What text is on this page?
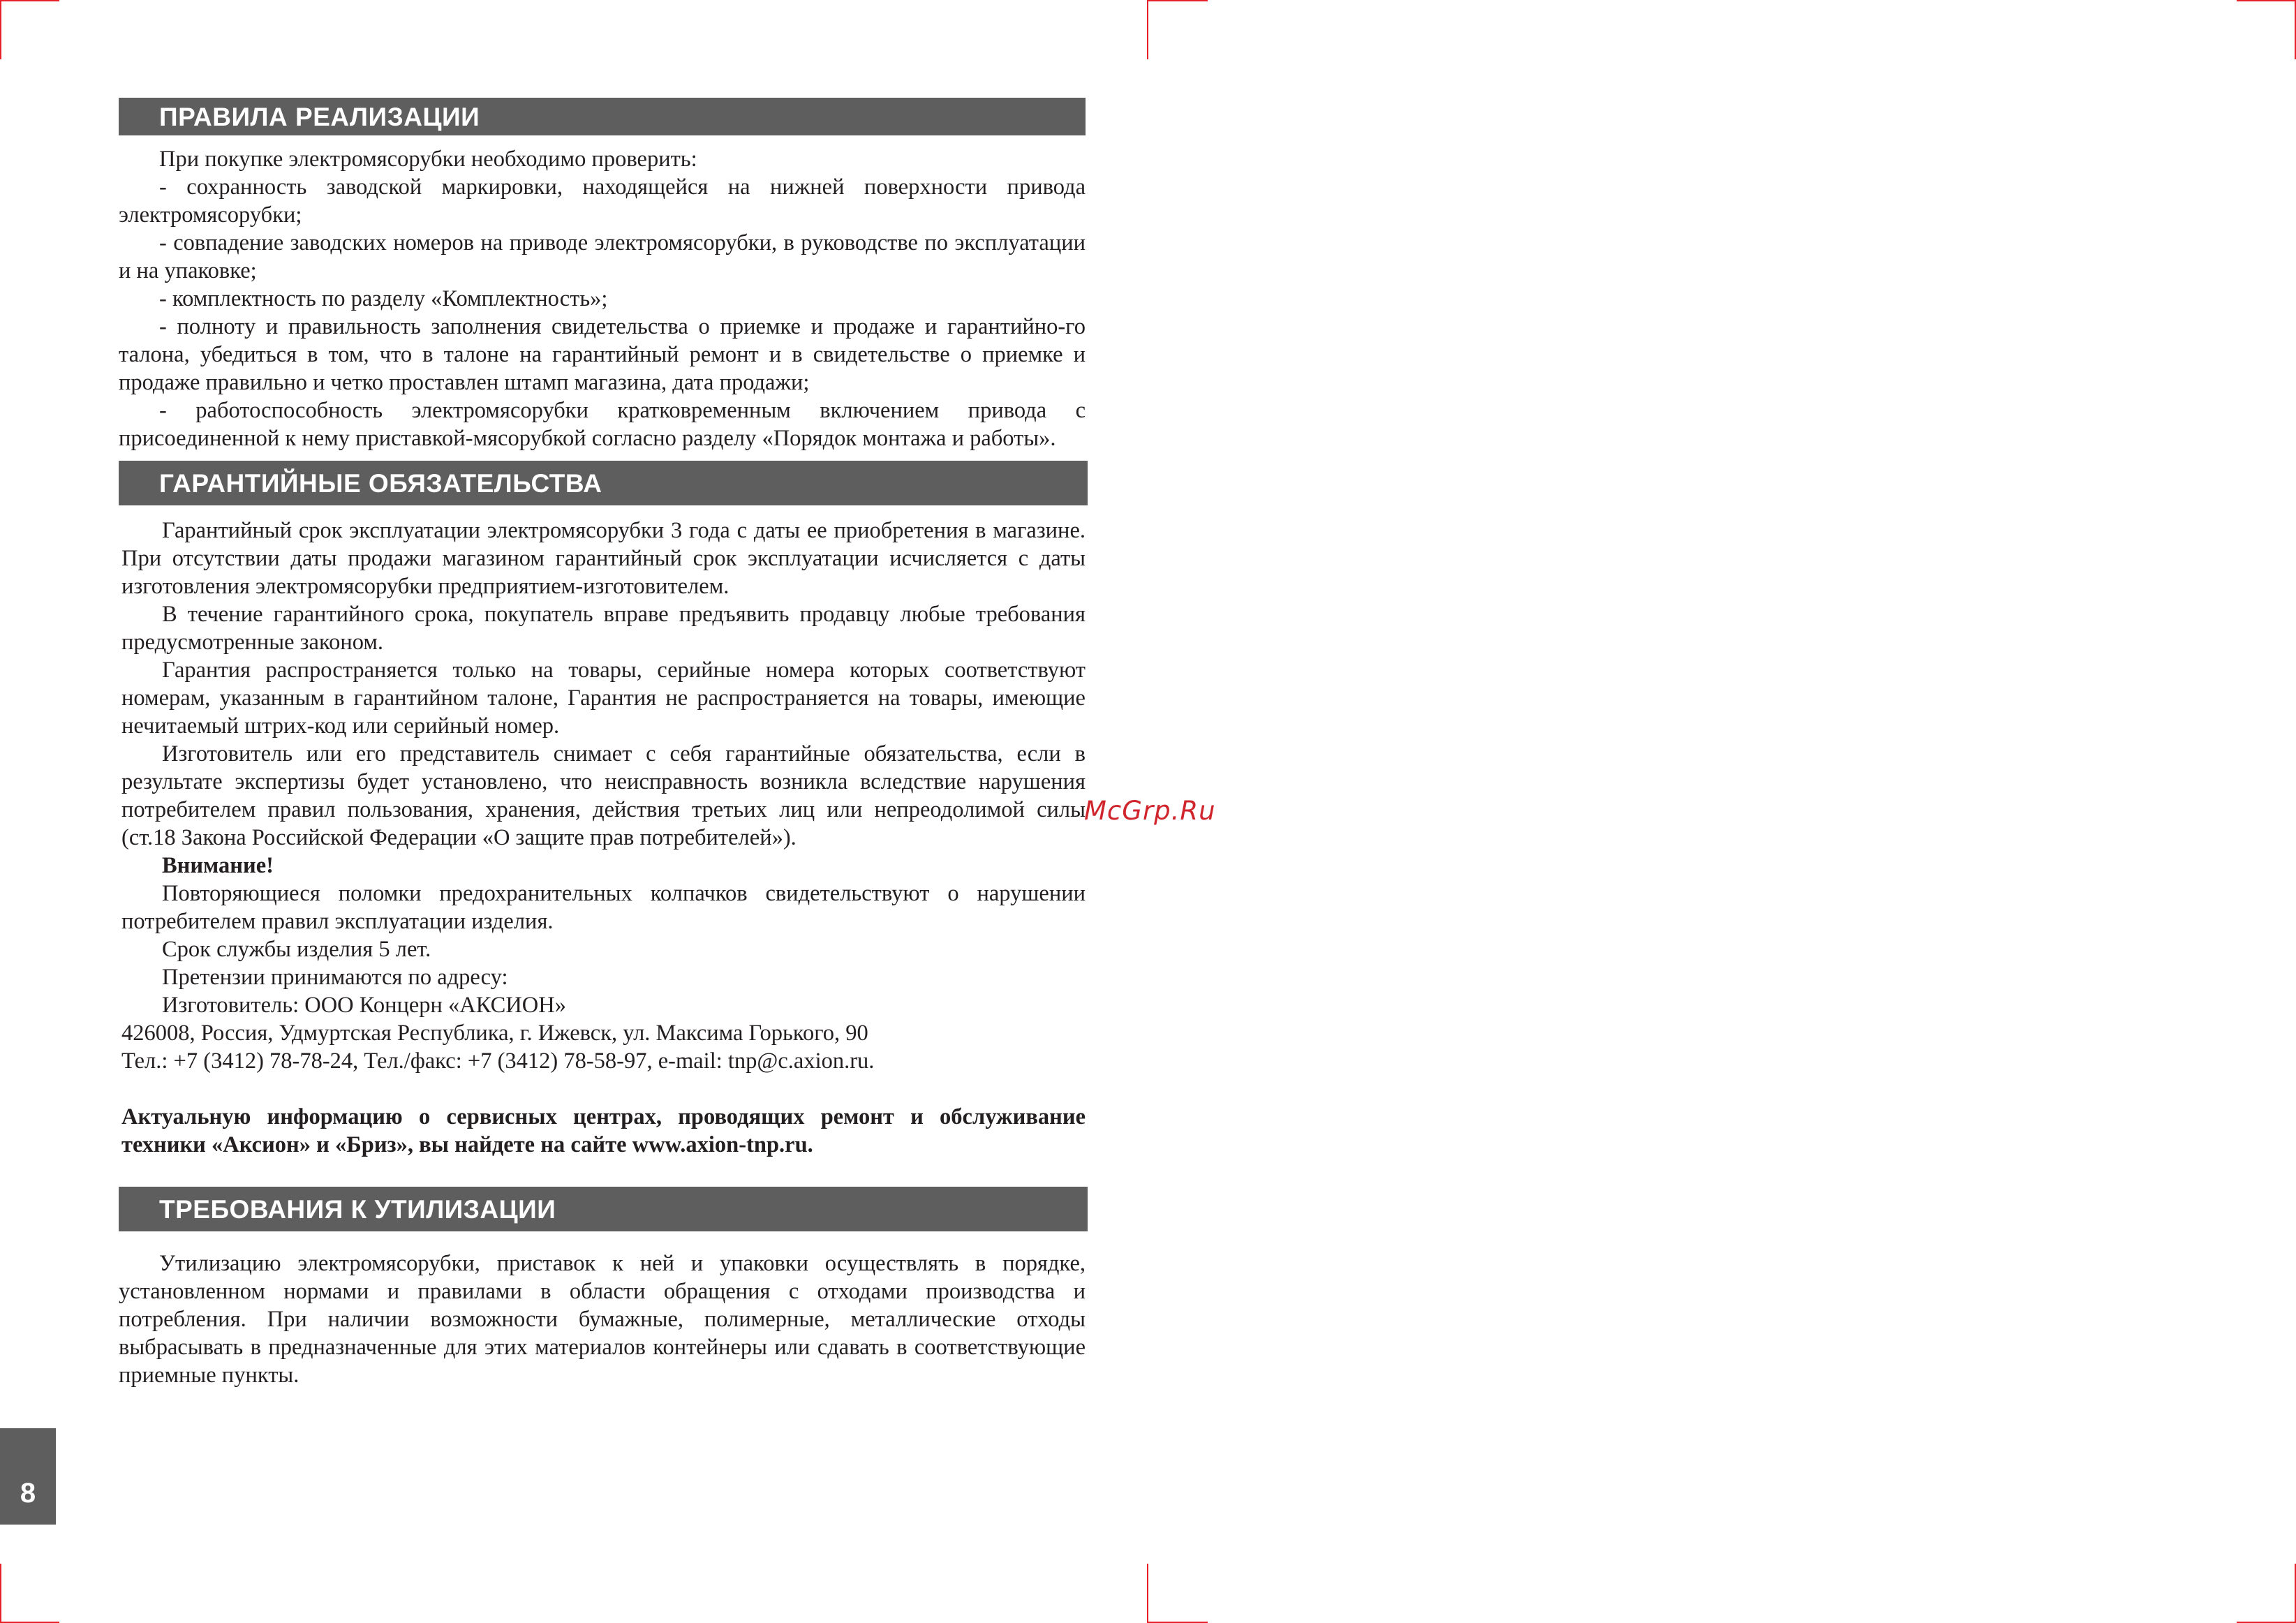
ПРАВИЛА РЕАЛИЗАЦИИ

При покупке электромясорубки необходимо проверить:

- сохранность заводской маркировки, находящейся на нижней поверхности привода электромясорубки;

- совпадение заводских номеров на приводе электромясорубки, в руководстве по эксплуатации и на упаковке;

- комплектность по разделу «Комплектность»;

- полноту и правильность заполнения свидетельства о приемке и продаже и гарантийно-го талона, убедиться в том, что в талоне на гарантийный ремонт и в свидетельстве о приемке и продаже правильно и четко проставлен штамп магазина, дата продажи;

- работоспособность электромясорубки кратковременным включением привода с присоединенной к нему приставкой-мясорубкой согласно разделу «Порядок монтажа и работы».

ГАРАНТИЙНЫЕ ОБЯЗАТЕЛЬСТВА

Гарантийный срок эксплуатации электромясорубки 3 года с даты ее приобретения в магазине. При отсутствии даты продажи магазином гарантийный срок эксплуатации исчисляется с даты изготовления электромясорубки предприятием-изготовителем.

В течение гарантийного срока, покупатель вправе предъявить продавцу любые требования предусмотренные законом.

Гарантия распространяется только на товары, серийные номера которых соответствуют номерам, указанным в гарантийном талоне, Гарантия не распространяется на товары, имеющие нечитаемый штрих-код или серийный номер.

Изготовитель или его представитель снимает с себя гарантийные обязательства, если в результате экспертизы будет установлено, что неисправность возникла вследствие нарушения потребителем правил пользования, хранения, действия третьих лиц или непреодолимой силы (ст.18 Закона Российской Федерации «О защите прав потребителей»).

Внимание!

Повторяющиеся поломки предохранительных колпачков свидетельствуют о нарушении потребителем правил эксплуатации изделия.

Срок службы изделия 5 лет.

Претензии принимаются по адресу:

Изготовитель: ООО Концерн «АКСИОН»

426008, Россия, Удмуртская Республика, г. Ижевск, ул. Максима Горького, 90

Тел.: +7 (3412) 78-78-24, Тел./факс: +7 (3412) 78-58-97, e-mail: tnp@c.axion.ru.

Актуальную информацию о сервисных центрах, проводящих ремонт и обслуживание техники «Аксион» и «Бриз», вы найдете на сайте www.axion-tnp.ru.

ТРЕБОВАНИЯ К УТИЛИЗАЦИИ

Утилизацию электромясорубки, приставок к ней и упаковки осуществлять в порядке, установленном нормами и правилами в области обращения с отходами производства и потребления. При наличии возможности бумажные, полимерные, металлические отходы выбрасывать в предназначенные для этих материалов контейнеры или сдавать в соответствующие приемные пункты.

McGrp.Ru
8
